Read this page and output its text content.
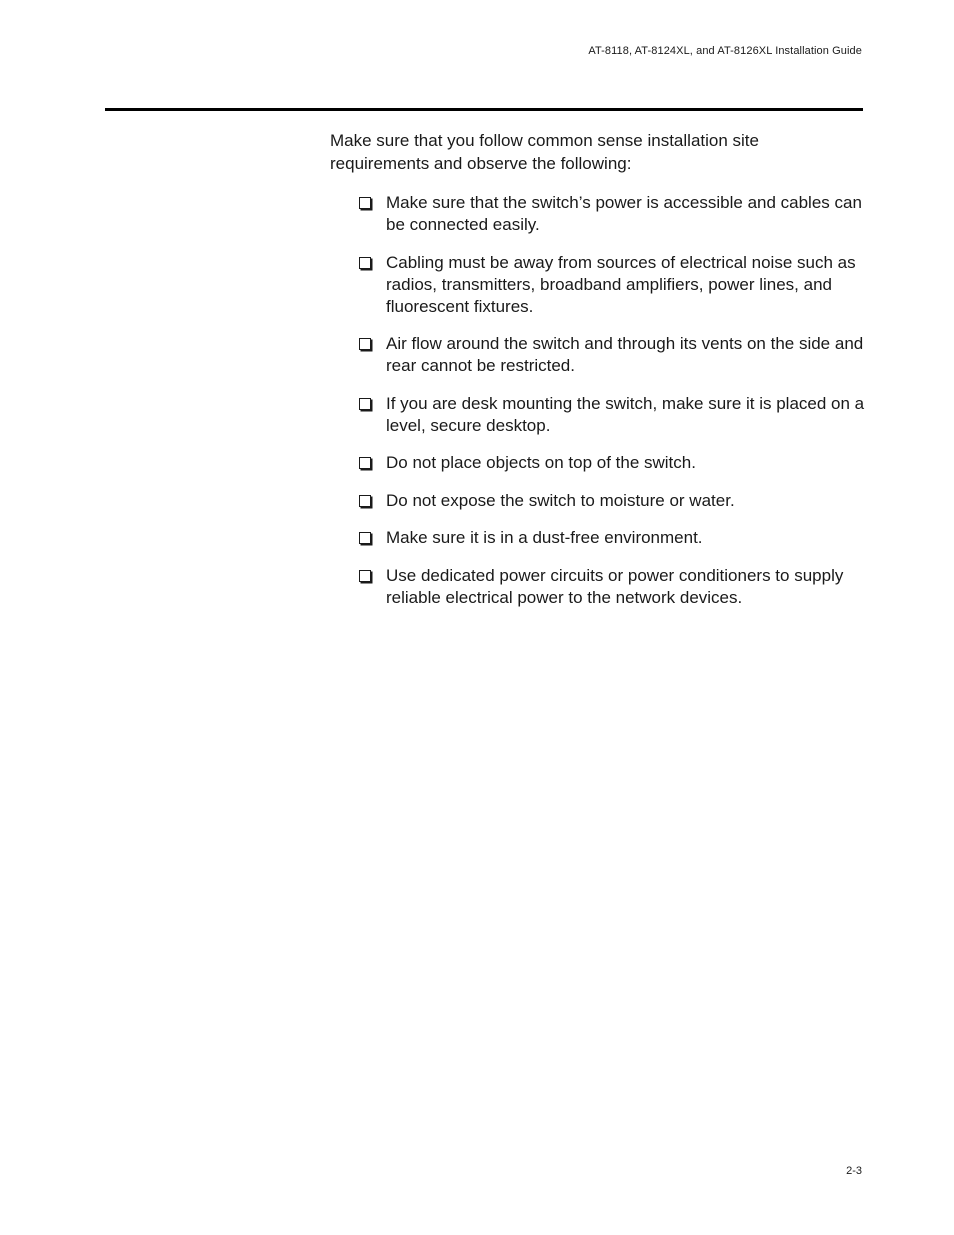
AT-8118, AT-8124XL, and AT-8126XL Installation Guide
Make sure that you follow common sense installation site requirements and observe the following:
Make sure that the switch’s power is accessible and cables can be connected easily.
Cabling must be away from sources of electrical noise such as radios, transmitters, broadband amplifiers, power lines, and fluorescent fixtures.
Air flow around the switch and through its vents on the side and rear cannot be restricted.
If you are desk mounting the switch, make sure it is placed on a level, secure desktop.
Do not place objects on top of the switch.
Do not expose the switch to moisture or water.
Make sure it is in a dust-free environment.
Use dedicated power circuits or power conditioners to supply reliable electrical power to the network devices.
2-3
